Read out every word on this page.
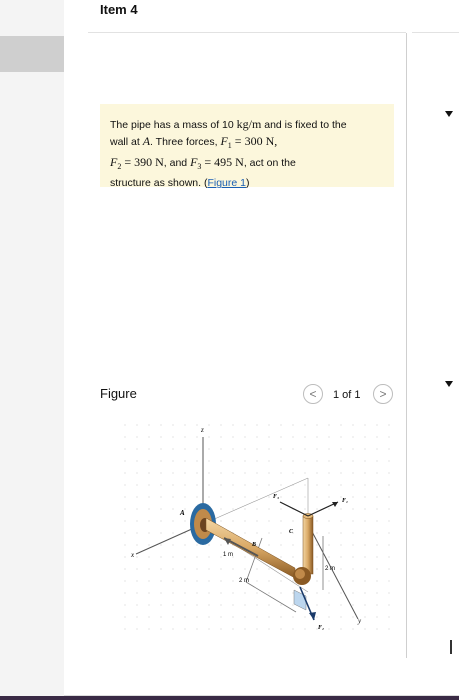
Item 4
The pipe has a mass of 10 kg/m and is fixed to the
wall at A. Three forces, $F_1 = 300$ N,
$F_2 = 390$ N, and $F_3 = 495$ N, act on the
structure as shown. (Figure 1)
Figure	<	1 of 1	>
z
x
y
A
B
C
F₁
F₂
F₃
1 m
2 m
2 m
